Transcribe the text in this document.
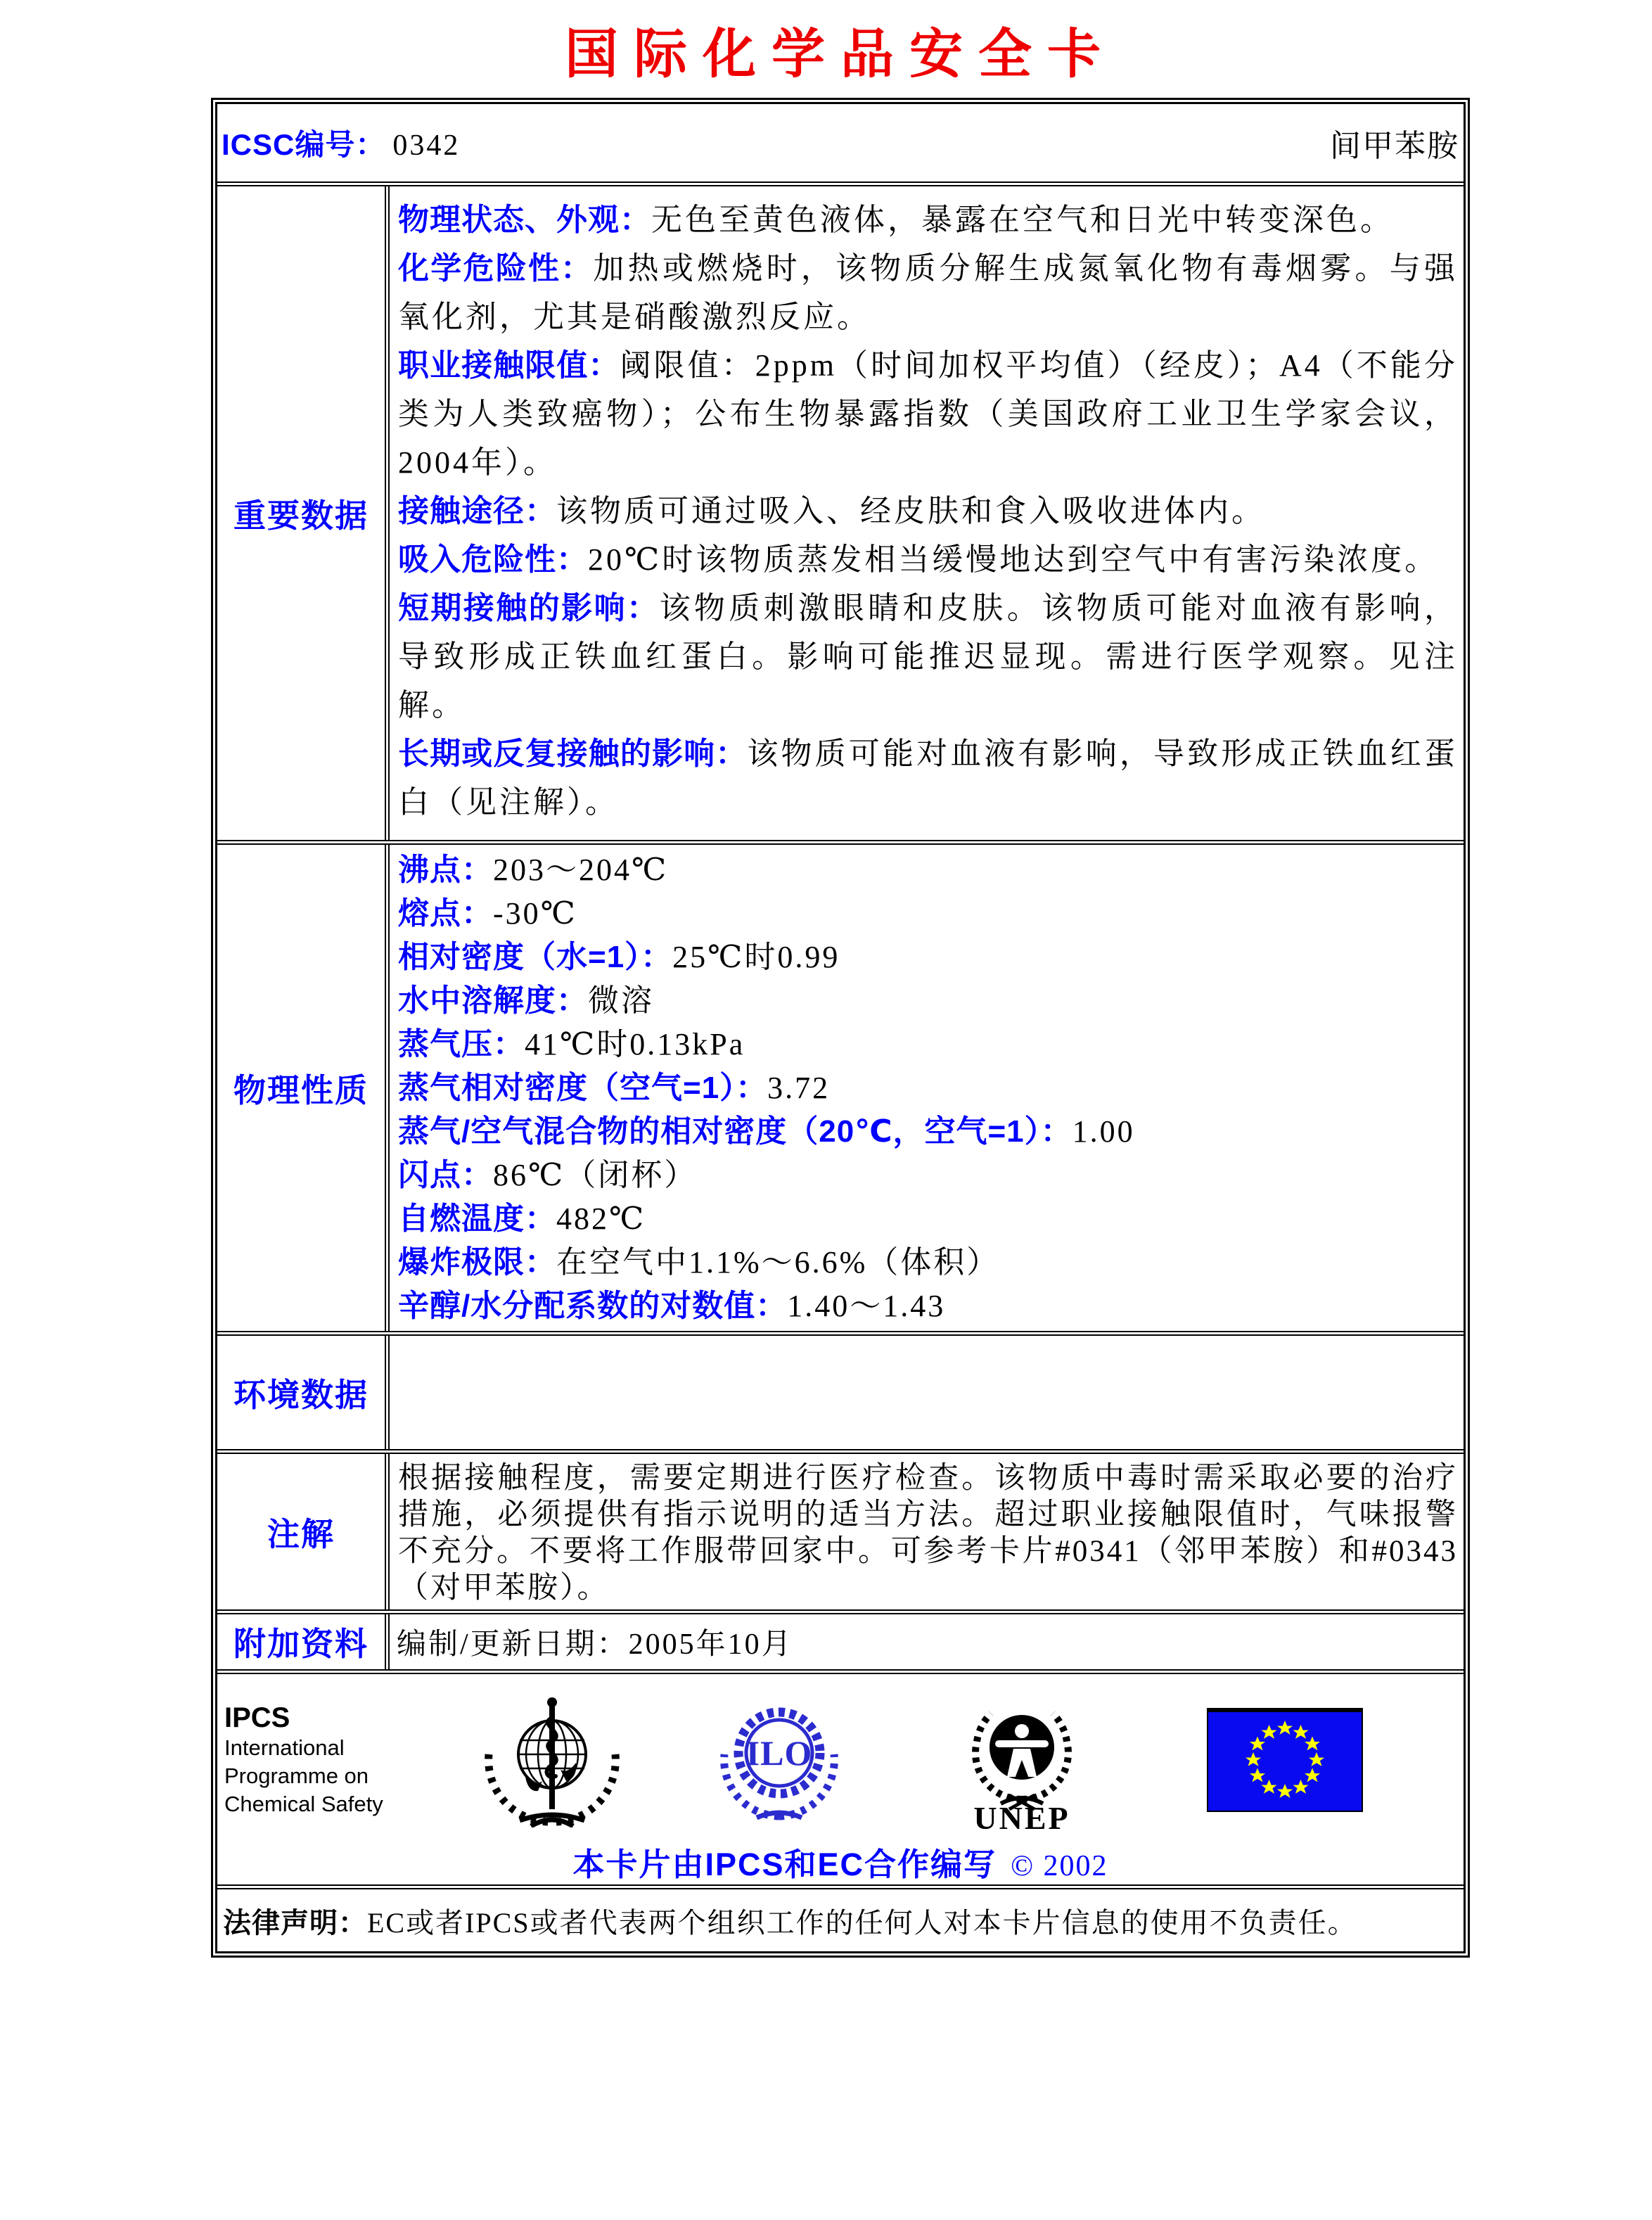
国际化学品安全卡
ICSC编号： 0342	间甲苯胺
重要数据

物理状态、外观：无色至黄色液体，暴露在空气和日光中转变深色。

化学危险性：加热或燃烧时，该物质分解生成氮氧化物有毒烟雾。与强氧化剂，尤其是硝酸激烈反应。

职业接触限值：阈限值：2ppm（时间加权平均值）（经皮）；A4（不能分类为人类致癌物）；公布生物暴露指数（美国政府工业卫生学家会议，2004年）。

接触途径：该物质可通过吸入、经皮肤和食入吸收进体内。

吸入危险性：20℃时该物质蒸发相当缓慢地达到空气中有害污染浓度。

短期接触的影响：该物质刺激眼睛和皮肤。该物质可能对血液有影响，导致形成正铁血红蛋白。影响可能推迟显现。需进行医学观察。见注解。

长期或反复接触的影响：该物质可能对血液有影响，导致形成正铁血红蛋白（见注解）。

物理性质

沸点：203～204℃

熔点：-30℃

相对密度（水=1）：25℃时0.99

水中溶解度：微溶

蒸气压：41℃时0.13kPa

蒸气相对密度（空气=1）：3.72

蒸气/空气混合物的相对密度（20℃，空气=1）：1.00

闪点：86℃（闭杯）

自燃温度：482℃

爆炸极限：在空气中1.1%～6.6%（体积）

辛醇/水分配系数的对数值：1.40～1.43

环境数据
注解

根据接触程度，需要定期进行医疗检查。该物质中毒时需采取必要的治疗措施，必须提供有指示说明的适当方法。超过职业接触限值时，气味报警不充分。不要将工作服带回家中。可参考卡片#0341（邻甲苯胺）和#0343（对甲苯胺）。

附加资料 编制/更新日期：2005年10月
IPCS
International
Programme on
Chemical Safety
ILO
UNEP
本卡片由IPCS和EC合作编写 © 2002
法律声明：EC或者IPCS或者代表两个组织工作的任何人对本卡片信息的使用不负责任。
